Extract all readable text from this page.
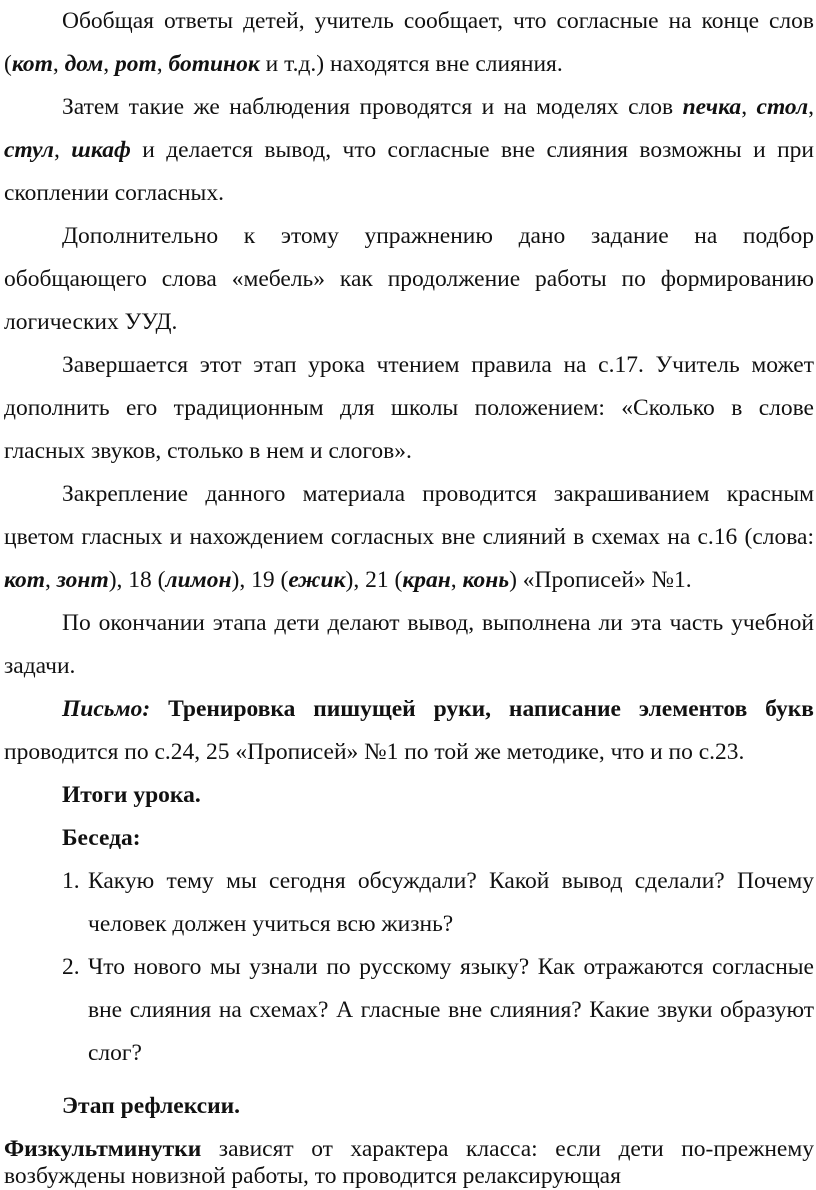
Обобщая ответы детей, учитель сообщает, что согласные на конце слов (кот, дом, рот, ботинок и т.д.) находятся вне слияния.

Затем такие же наблюдения проводятся и на моделях слов печка, стол, стул, шкаф и делается вывод, что согласные вне слияния возможны и при скоплении согласных.

Дополнительно к этому упражнению дано задание на подбор обобщающего слова «мебель» как продолжение работы по формированию логических УУД.

Завершается этот этап урока чтением правила на с.17. Учитель может дополнить его традиционным для школы положением: «Сколько в слове гласных звуков, столько в нем и слогов».

Закрепление данного материала проводится закрашиванием красным цветом гласных и нахождением согласных вне слияний в схемах на с.16 (слова: кот, зонт), 18 (лимон), 19 (ежик), 21 (кран, конь) «Прописей» №1.

По окончании этапа дети делают вывод, выполнена ли эта часть учебной задачи.

Письмо: Тренировка пишущей руки, написание элементов букв проводится по с.24, 25 «Прописей» №1 по той же методике, что и по с.23.

Итоги урока.

Беседа:

1. Какую тему мы сегодня обсуждали? Какой вывод сделали? Почему человек должен учиться всю жизнь?
2. Что нового мы узнали по русскому языку? Как отражаются согласные вне слияния на схемах? А гласные вне слияния? Какие звуки образуют слог?

Этап рефлексии.

Физкультминутки зависят от характера класса: если дети по-прежнему возбуждены новизной работы, то проводится релаксирующая
